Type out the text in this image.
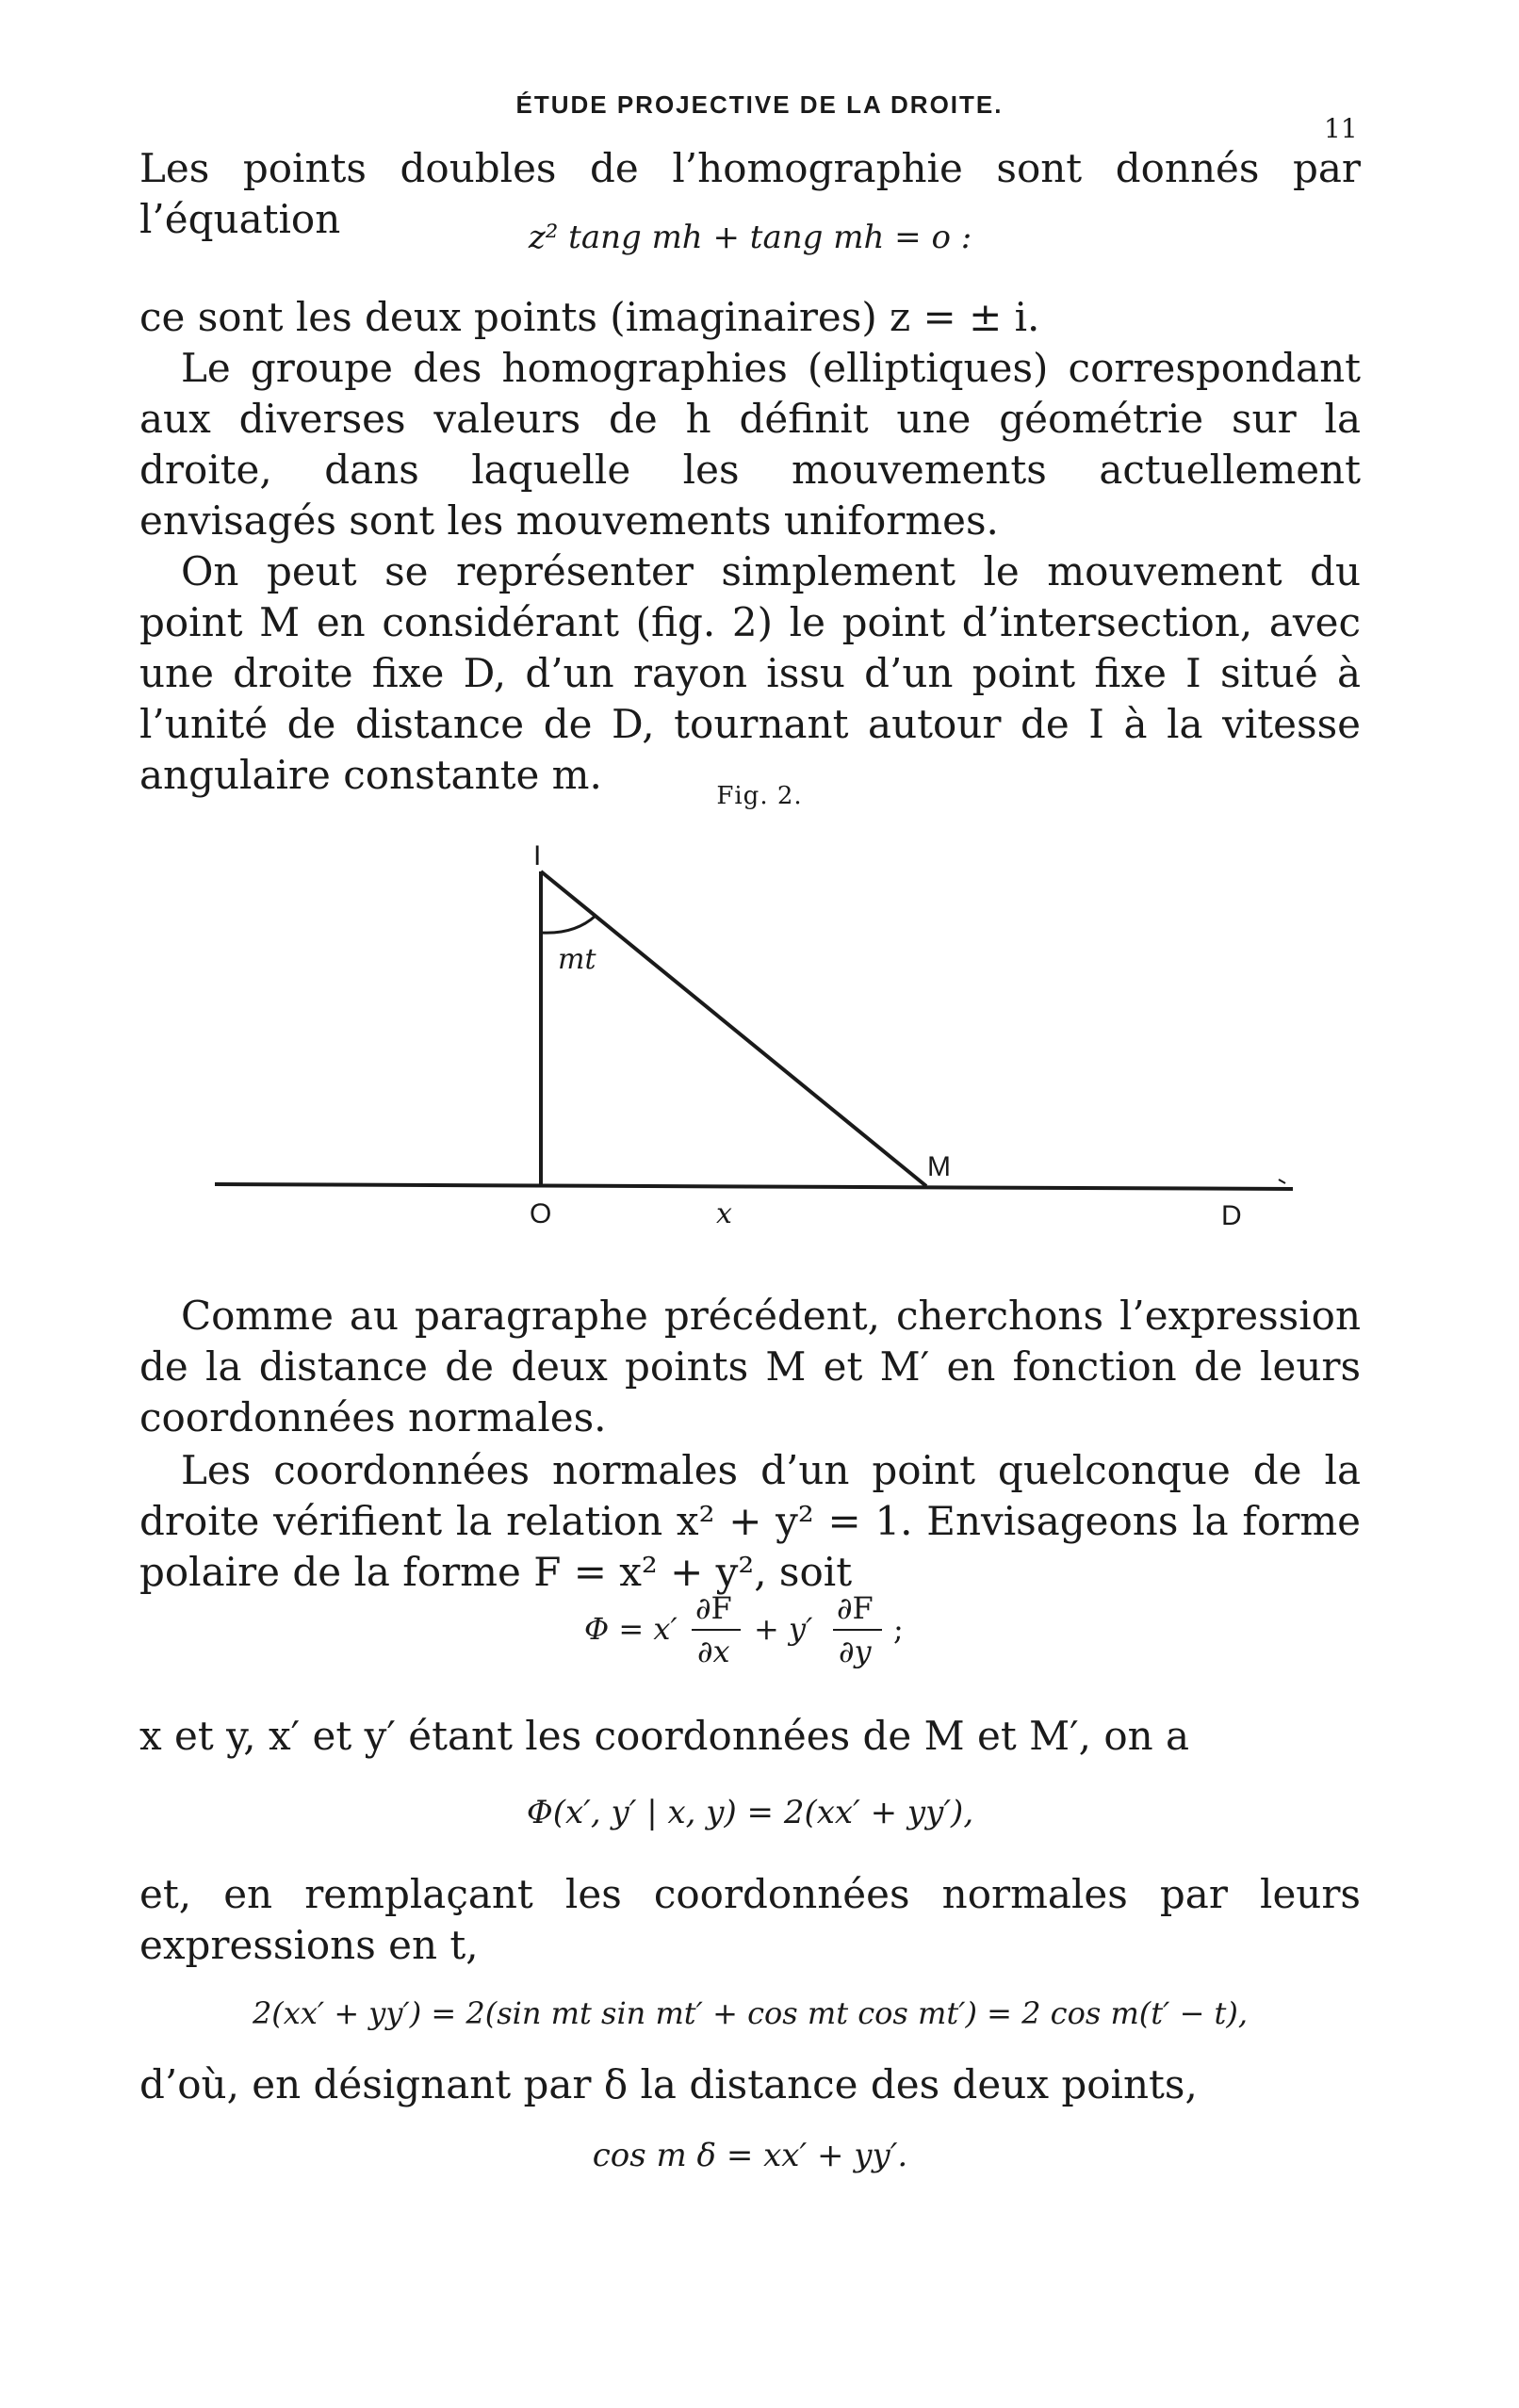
ÉTUDE PROJECTIVE DE LA DROITE.
11
Les points doubles de l’homographie sont donnés par l’équation	z² tang mh + tang mh = o :
ce sont les deux points (imaginaires) z = ± i.
Le groupe des homographies (elliptiques) correspondant aux diverses valeurs de h définit une géométrie sur la droite, dans laquelle les mouvements actuellement envisagés sont les mouvements uniformes.
On peut se représenter simplement le mouvement du point M en considérant (fig. 2) le point d’intersection, avec une droite fixe D, d’un rayon issu d’un point fixe I situé à l’unité de distance de D, tournant autour de I à la vitesse angulaire constante m.	Fig. 2.
I
mt
M
O	x	D
Comme au paragraphe précédent, cherchons l’expression de la distance de deux points M et M′ en fonction de leurs coordonnées normales.
Les coordonnées normales d’un point quelconque de la droite vérifient la relation x² + y² = 1. Envisageons la forme polaire de la forme F = x² + y², soit
Φ = x′
∂F
∂x
+ y′
∂F
∂y
;
x et y, x′ et y′ étant les coordonnées de M et M′, on a
Φ(x′, y′ | x, y) = 2(xx′ + yy′),
et, en remplaçant les coordonnées normales par leurs expressions en t,
2(xx′ + yy′) = 2(sin mt sin mt′ + cos mt cos mt′) = 2 cos m(t′ − t),
d’où, en désignant par δ la distance des deux points,
cos m δ = xx′ + yy′.
